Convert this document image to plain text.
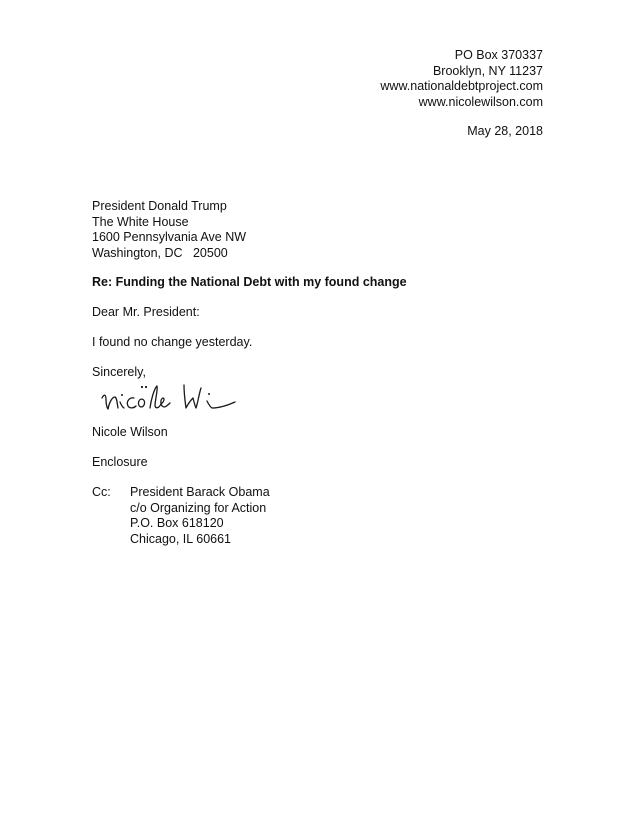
PO Box 370337
Brooklyn, NY 11237
www.nationaldebtproject.com
www.nicolewilson.com
May 28, 2018
President Donald Trump
The White House
1600 Pennsylvania Ave NW
Washington, DC   20500
Re: Funding the National Debt with my found change
Dear Mr. President:
I found no change yesterday.
Sincerely,
Nicole Wilson
Enclosure
Cc: President Barack Obama
c/o Organizing for Action
P.O. Box 618120
Chicago, IL 60661
